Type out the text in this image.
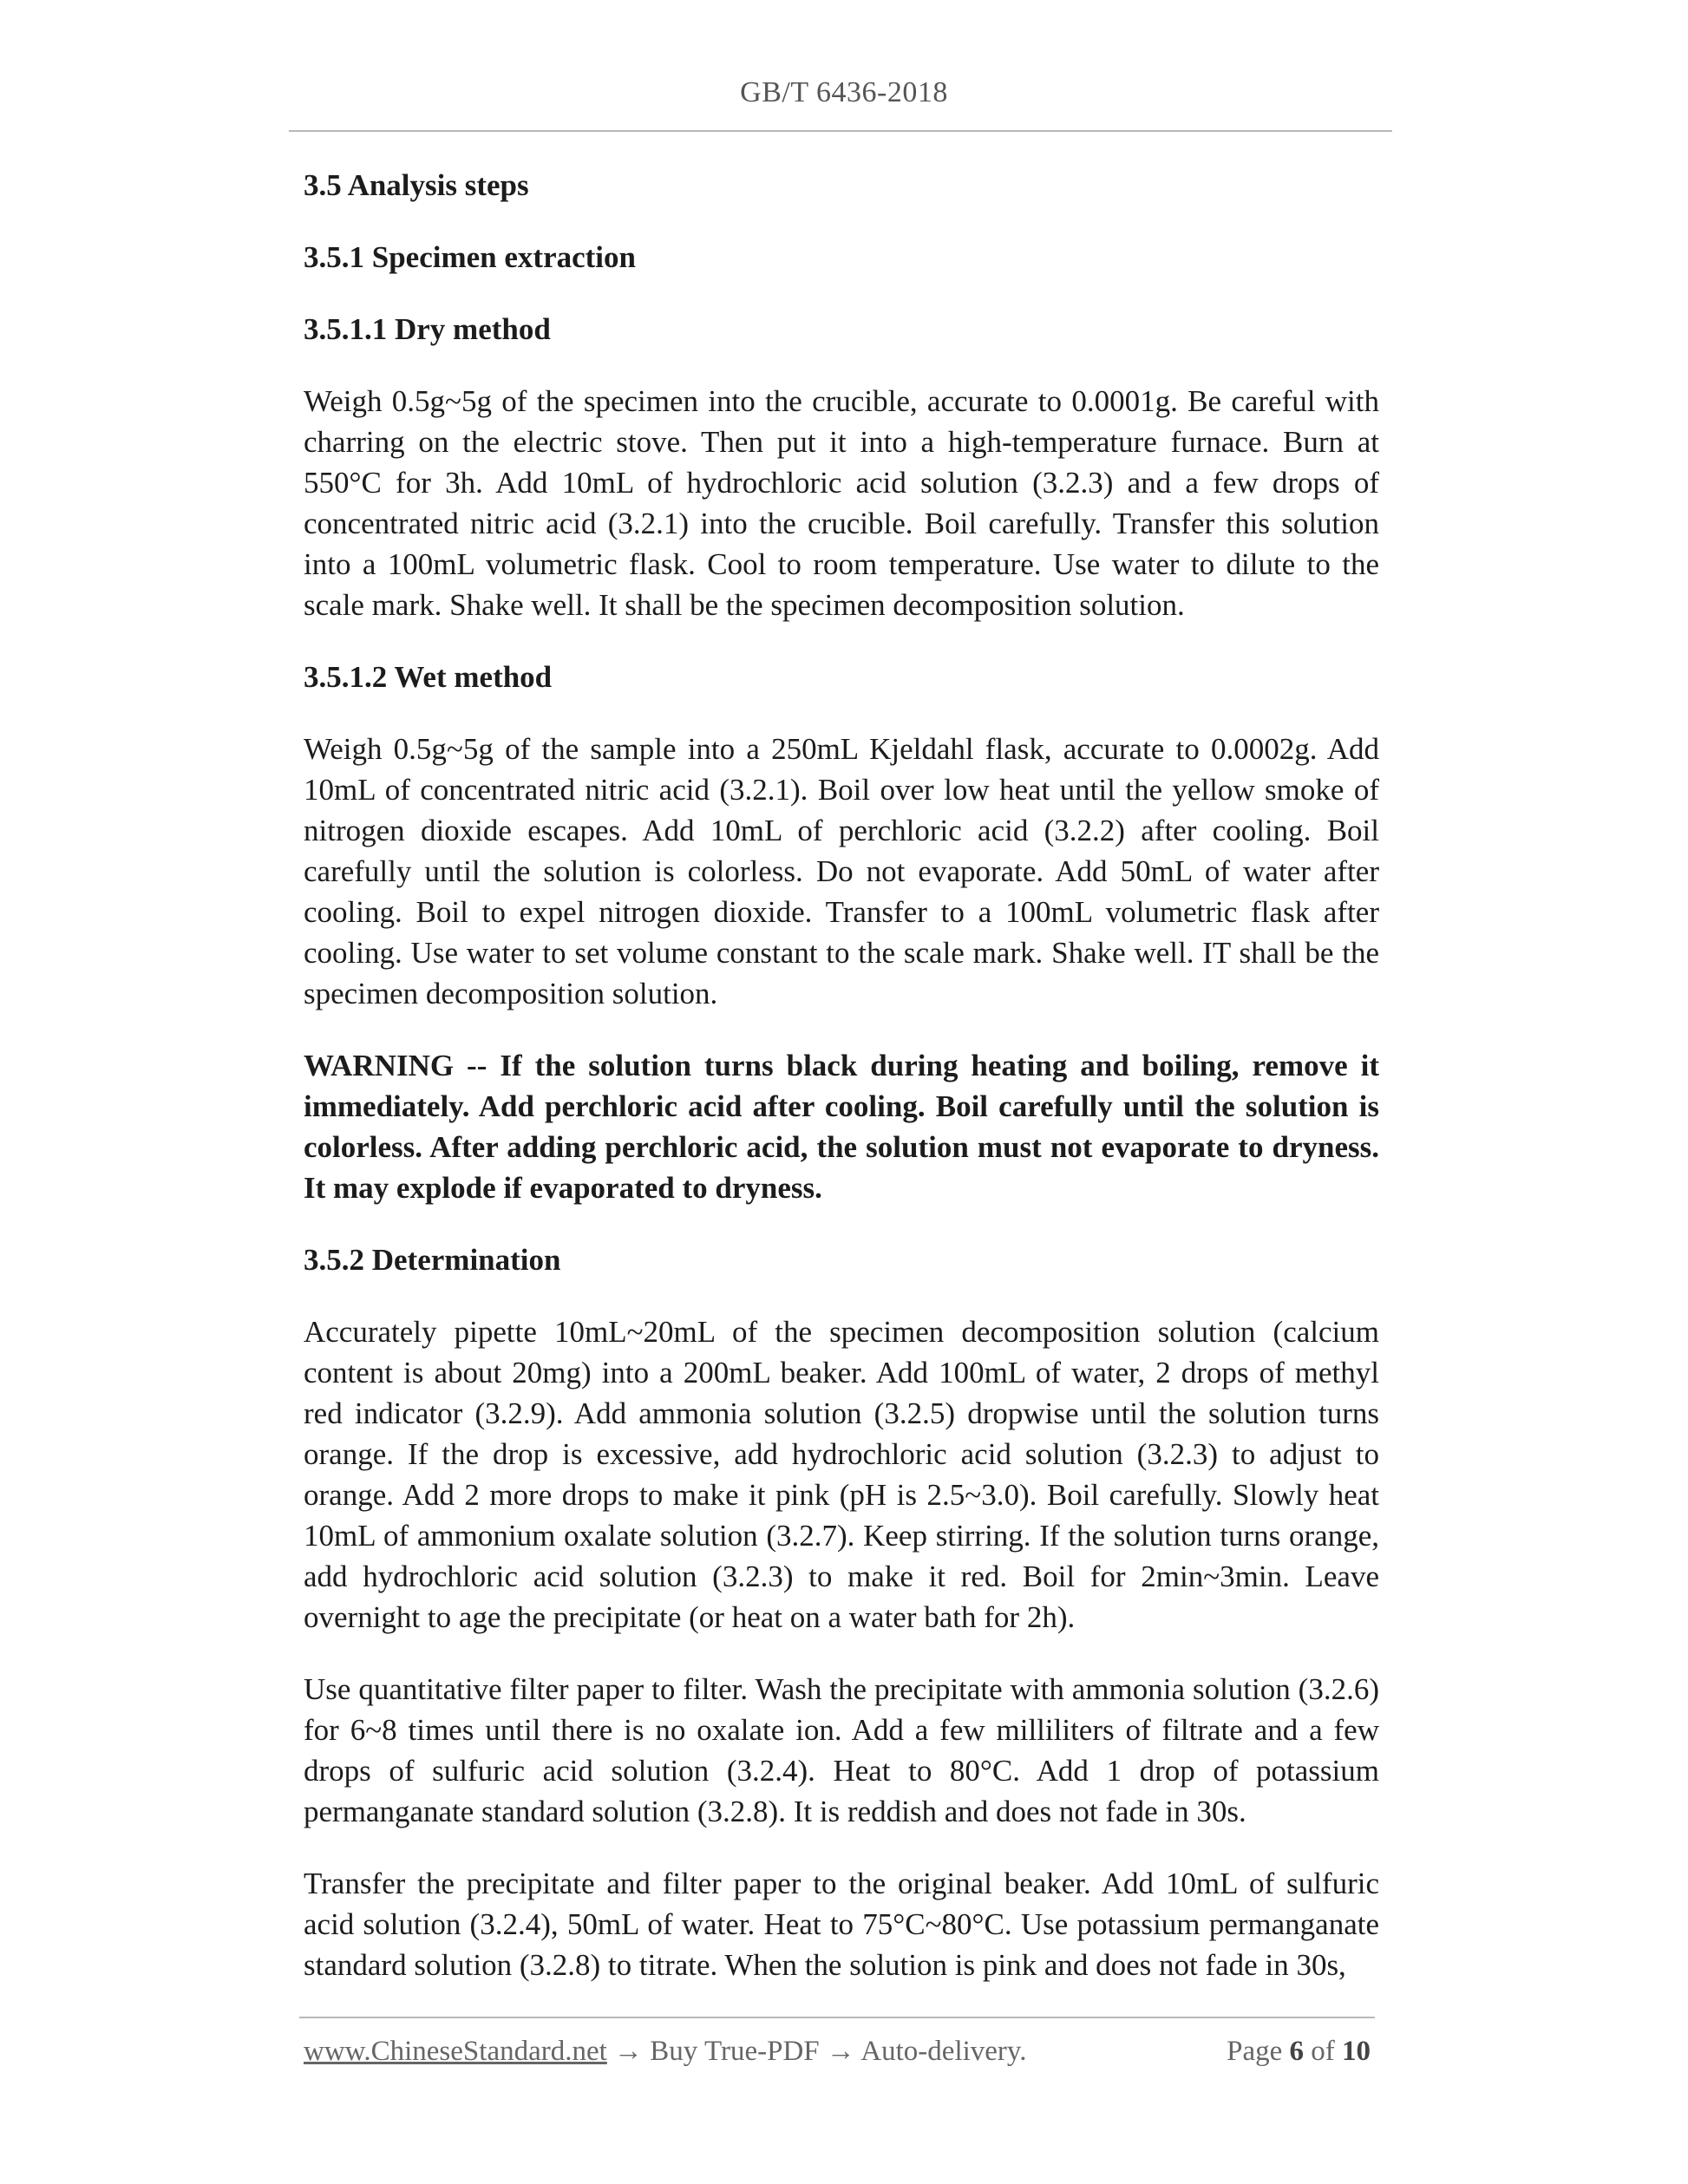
GB/T 6436-2018

3.5 Analysis steps

3.5.1 Specimen extraction

3.5.1.1 Dry method

Weigh 0.5g~5g of the specimen into the crucible, accurate to 0.0001g. Be careful with charring on the electric stove. Then put it into a high-temperature furnace. Burn at 550°C for 3h. Add 10mL of hydrochloric acid solution (3.2.3) and a few drops of concentrated nitric acid (3.2.1) into the crucible. Boil carefully. Transfer this solution into a 100mL volumetric flask. Cool to room temperature. Use water to dilute to the scale mark. Shake well. It shall be the specimen decomposition solution.

3.5.1.2 Wet method

Weigh 0.5g~5g of the sample into a 250mL Kjeldahl flask, accurate to 0.0002g. Add 10mL of concentrated nitric acid (3.2.1). Boil over low heat until the yellow smoke of nitrogen dioxide escapes. Add 10mL of perchloric acid (3.2.2) after cooling. Boil carefully until the solution is colorless. Do not evaporate. Add 50mL of water after cooling. Boil to expel nitrogen dioxide. Transfer to a 100mL volumetric flask after cooling. Use water to set volume constant to the scale mark. Shake well. IT shall be the specimen decomposition solution.

WARNING -- If the solution turns black during heating and boiling, remove it immediately. Add perchloric acid after cooling. Boil carefully until the solution is colorless. After adding perchloric acid, the solution must not evaporate to dryness. It may explode if evaporated to dryness.

3.5.2 Determination

Accurately pipette 10mL~20mL of the specimen decomposition solution (calcium content is about 20mg) into a 200mL beaker. Add 100mL of water, 2 drops of methyl red indicator (3.2.9). Add ammonia solution (3.2.5) dropwise until the solution turns orange. If the drop is excessive, add hydrochloric acid solution (3.2.3) to adjust to orange. Add 2 more drops to make it pink (pH is 2.5~3.0). Boil carefully. Slowly heat 10mL of ammonium oxalate solution (3.2.7). Keep stirring. If the solution turns orange, add hydrochloric acid solution (3.2.3) to make it red. Boil for 2min~3min. Leave overnight to age the precipitate (or heat on a water bath for 2h).

Use quantitative filter paper to filter. Wash the precipitate with ammonia solution (3.2.6) for 6~8 times until there is no oxalate ion. Add a few milliliters of filtrate and a few drops of sulfuric acid solution (3.2.4). Heat to 80°C. Add 1 drop of potassium permanganate standard solution (3.2.8). It is reddish and does not fade in 30s.

Transfer the precipitate and filter paper to the original beaker. Add 10mL of sulfuric acid solution (3.2.4), 50mL of water. Heat to 75°C~80°C. Use potassium permanganate standard solution (3.2.8) to titrate. When the solution is pink and does not fade in 30s,

www.ChineseStandard.net → Buy True-PDF → Auto-delivery.	Page 6 of 10
